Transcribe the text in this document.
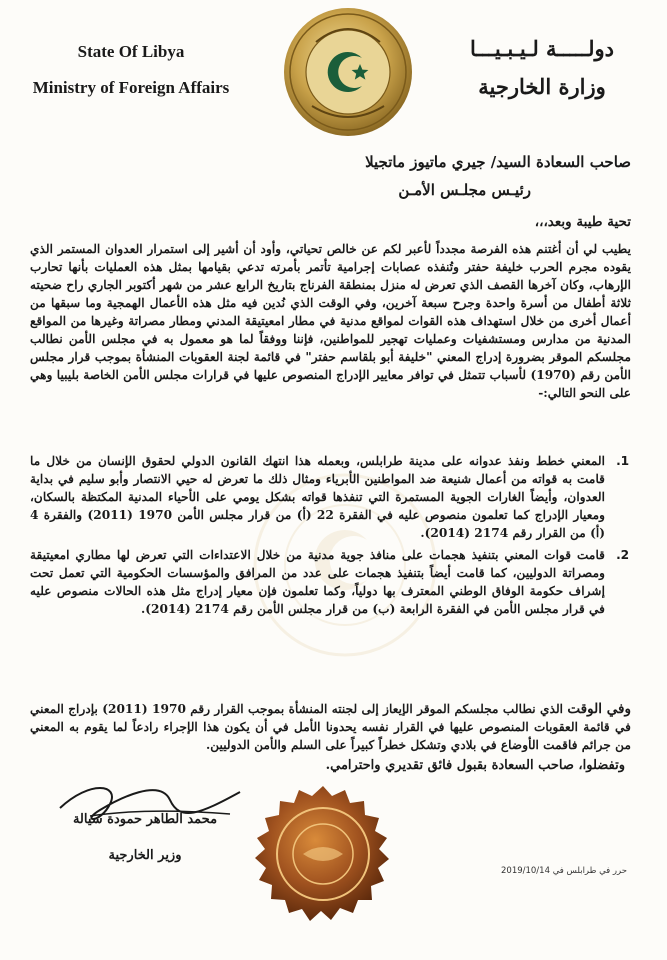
State Of Libya
Ministry of Foreign Affairs
دولـــــة لـيـبـيـــا
وزارة الخارجية
صاحب السعادة السيد/ جيري ماتيوز ماتجيلا
رئيـس مجلـس الأمـن
تحية طيبة وبعد،،،
يطيب لي أن أغتنم هذه الفرصة مجدداً لأعبر لكم عن خالص تحياتي، وأود أن أشير إلى استمرار العدوان المستمر الذي يقوده مجرم الحرب خليفة حفتر وتُنفذه عصابات إجرامية تأتمر بأمرته تدعي بقيامها بمثل هذه العمليات بأنها تحارب الإرهاب، وكان آخرها القصف الذي تعرض له منزل بمنطقة الفرناج بتاريخ الرابع عشر من شهر أكتوبر الجاري راح ضحيته ثلاثة أطفال من أسرة واحدة وجرح سبعة آخرين، وفي الوقت الذي نُدين فيه مثل هذه الأعمال الهمجية وما سبقها من أعمال أخرى من خلال استهداف هذه القوات لمواقع مدنية في مطار امعيتيقة المدني ومطار مصراتة وغيرها من المواقع المدنية من مدارس ومستشفيات وعمليات تهجير للمواطنين، فإننا ووفقاً لما هو معمول به في مجلس الأمن نطالب مجلسكم الموقر بضرورة إدراج المعني "خليفة أبو بلقاسم حفتر" في قائمة لجنة العقوبات المنشأة بموجب قرار مجلس الأمن رقم (1970) لأسباب تتمثل في توافر معايير الإدراج المنصوص عليها في قرارات مجلس الأمن الخاصة بليبيا وهي على النحو التالي:-
1.
المعني خطط ونفذ عدوانه على مدينة طرابلس، وبعمله هذا انتهك القانون الدولي لحقوق الإنسان من خلال ما قامت به قواته من أعمال شنيعة ضد المواطنين الأبرياء ومثال ذلك ما تعرض له حيي الانتصار وأبو سليم في بداية العدوان، وأيضاً الغارات الجوية المستمرة التي تنفذها قواته بشكل يومي على الأحياء المدنية المكتظة بالسكان، ومعيار الإدراج كما تعلمون منصوص عليه في الفقرة 22 (أ) من قرار مجلس الأمن 1970 (2011) والفقرة 4 (أ) من القرار رقم 2174 (2014).
2.
قامت قوات المعني بتنفيذ هجمات على منافذ جوية مدنية من خلال الاعتداءات التي تعرض لها مطاري امعيتيقة ومصراتة الدوليين، كما قامت أيضاً بتنفيذ هجمات على عدد من المرافق والمؤسسات الحكومية التي تعمل تحت إشراف حكومة الوفاق الوطني المعترف بها دولياً، وكما تعلمون فإن معيار إدراج مثل هذه الحالات منصوص عليه في قرار مجلس الأمن في الفقرة الرابعة (ب) من قرار مجلس الأمن رقم 2174 (2014).
وفي الوقت الذي نطالب مجلسكم الموقر الإيعاز إلى لجنته المنشأة بموجب القرار رقم 1970 (2011) بإدراج المعني في قائمة العقوبات المنصوص عليها في القرار نفسه يحدونا الأمل في أن يكون هذا الإجراء رادعاً لما يقوم به المعني من جرائم فاقمت الأوضاع في بلادي وتشكل خطراً كبيراً على السلم والأمن الدوليين.
وتفضلوا، صاحب السعادة بقبول فائق تقديري واحترامي.
محمد الطاهر حمودة سيالة
وزير الخارجية
حرر في طرابلس في 2019/10/14
